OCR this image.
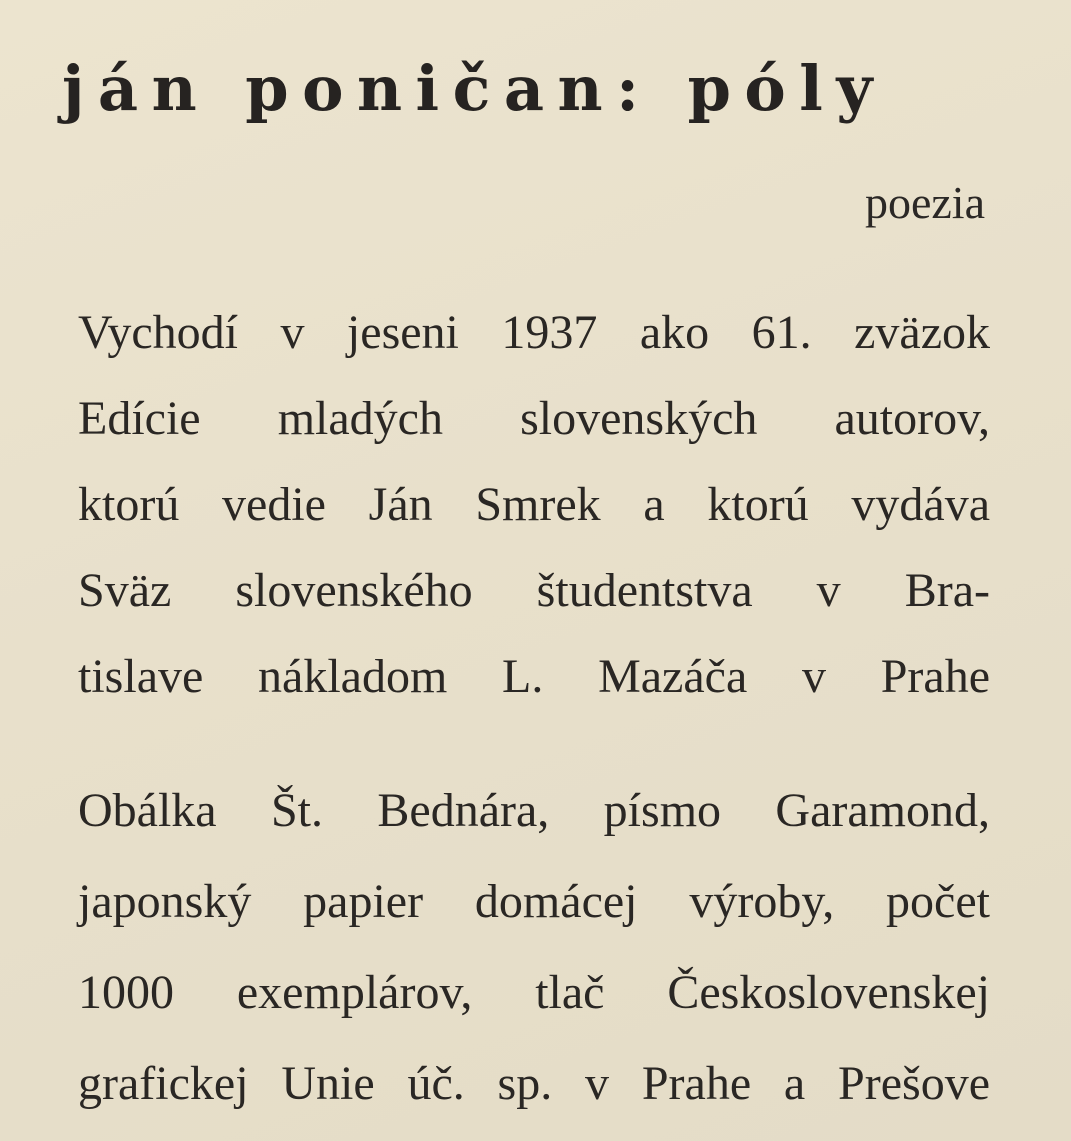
ján poničan: póly
poezia
Vychodí v jeseni 1937 ako 61. zväzok
Edície mladých slovenských autorov,
ktorú vedie Ján Smrek a ktorú vydáva
Sväz slovenského študentstva v Bra-
tislave nákladom L. Mazáča v Prahe
Obálka Št. Bednára, písmo Garamond,
japonský papier domácej výroby, počet
1000 exemplárov, tlač Československej
grafickej Unie úč. sp. v Prahe a Prešove
